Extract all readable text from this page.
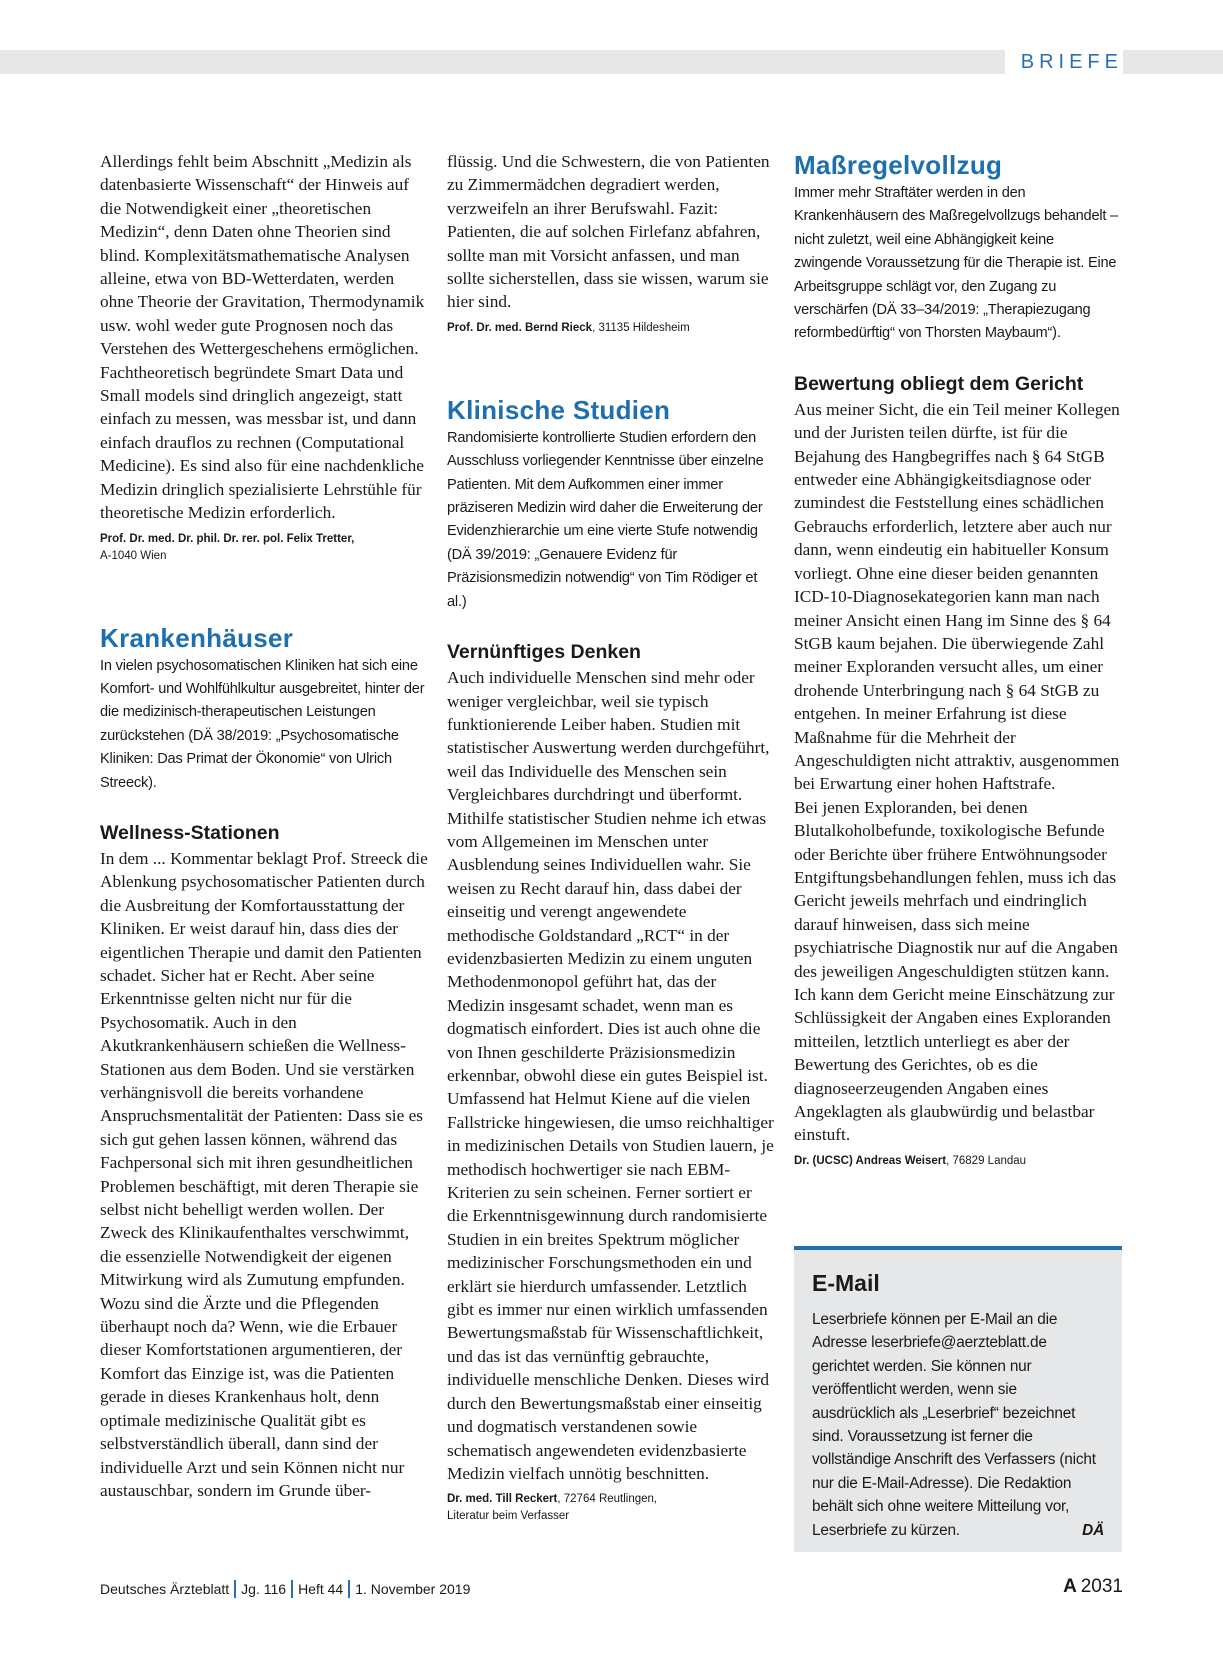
BRIEFE

Allerdings fehlt beim Abschnitt „Medizin als datenbasierte Wissenschaft“ der Hinweis auf die Notwendigkeit einer „theoretischen Medizin“, denn Daten ohne Theorien sind blind. Komplexitätsmathematische Analysen alleine, etwa von BD-Wetterdaten, werden ohne Theorie der Gravitation, Thermodynamik usw. wohl weder gute Prognosen noch das Verstehen des Wettergeschehens ermöglichen. Fachtheoretisch begründete Smart Data und Small models sind dringlich angezeigt, statt einfach zu messen, was messbar ist, und dann einfach drauflos zu rechnen (Computational Medicine). Es sind also für eine nachdenkliche Medizin dringlich spezialisierte Lehrstühle für theoretische Medizin erforderlich.

Prof. Dr. med. Dr. phil. Dr. rer. pol. Felix Tretter,
A-1040 Wien
Krankenhäuser

In vielen psychosomatischen Kliniken hat sich eine Komfort- und Wohlfühlkultur ausgebreitet, hinter der die medizinisch-therapeutischen Leistungen zurückstehen (DÄ 38/2019: „Psychosomatische Kliniken: Das Primat der Ökonomie“ von Ulrich Streeck).

Wellness-Stationen

In dem ... Kommentar beklagt Prof. Streeck die Ablenkung psychosomatischer Patienten durch die Ausbreitung der Komfortausstattung der Kliniken. Er weist darauf hin, dass dies der eigentlichen Therapie und damit den Patienten schadet. Sicher hat er Recht. Aber seine Erkenntnisse gelten nicht nur für die Psychosomatik. Auch in den Akutkrankenhäusern schießen die Wellness-Stationen aus dem Boden. Und sie verstärken verhängnisvoll die bereits vorhandene Anspruchsmentalität der Patienten: Dass sie es sich gut gehen lassen können, während das Fachpersonal sich mit ihren gesundheitlichen Problemen beschäftigt, mit deren Therapie sie selbst nicht behelligt werden wollen. Der Zweck des Klinikaufenthaltes verschwimmt, die essenzielle Notwendigkeit der eigenen Mitwirkung wird als Zumutung empfunden. Wozu sind die Ärzte und die Pflegenden überhaupt noch da? Wenn, wie die Erbauer dieser Komfortstationen argumentieren, der Komfort das Einzige ist, was die Patienten gerade in dieses Krankenhaus holt, denn optimale medizinische Qualität gibt es selbstverständlich überall, dann sind der individuelle Arzt und sein Können nicht nur austauschbar, sondern im Grunde über-

flüssig. Und die Schwestern, die von Patienten zu Zimmermädchen degradiert werden, verzweifeln an ihrer Berufswahl. Fazit: Patienten, die auf solchen Firlefanz abfahren, sollte man mit Vorsicht anfassen, und man sollte sicherstellen, dass sie wissen, warum sie hier sind.

Prof. Dr. med. Bernd Rieck, 31135 Hildesheim
Klinische Studien

Randomisierte kontrollierte Studien erfordern den Ausschluss vorliegender Kenntnisse über einzelne Patienten. Mit dem Aufkommen einer immer präziseren Medizin wird daher die Erweiterung der Evidenzhierarchie um eine vierte Stufe notwendig (DÄ 39/2019: „Genauere Evidenz für Präzisionsmedizin notwendig“ von Tim Rödiger et al.)

Vernünftiges Denken

Auch individuelle Menschen sind mehr oder weniger vergleichbar, weil sie typisch funktionierende Leiber haben. Studien mit statistischer Auswertung werden durchgeführt, weil das Individuelle des Menschen sein Vergleichbares durchdringt und überformt. Mithilfe statistischer Studien nehme ich etwas vom Allgemeinen im Menschen unter Ausblendung seines Individuellen wahr. Sie weisen zu Recht darauf hin, dass dabei der einseitig und verengt angewendete methodische Goldstandard „RCT“ in der evidenzbasierten Medizin zu einem unguten Methodenmonopol geführt hat, das der Medizin insgesamt schadet, wenn man es dogmatisch einfordert. Dies ist auch ohne die von Ihnen geschilderte Präzisionsmedizin erkennbar, obwohl diese ein gutes Beispiel ist. Umfassend hat Helmut Kiene auf die vielen Fallstricke hingewiesen, die umso reichhaltiger in medizinischen Details von Studien lauern, je methodisch hochwertiger sie nach EBM-Kriterien zu sein scheinen. Ferner sortiert er die Erkenntnisgewinnung durch randomisierte Studien in ein breites Spektrum möglicher medizinischer Forschungsmethoden ein und erklärt sie hierdurch umfassender. Letztlich gibt es immer nur einen wirklich umfassenden Bewertungsmaßstab für Wissenschaftlichkeit, und das ist das vernünftig gebrauchte, individuelle menschliche Denken. Dieses wird durch den Bewertungsmaßstab einer einseitig und dogmatisch verstandenen sowie schematisch angewendeten evidenzbasierte Medizin vielfach unnötig beschnitten.

Dr. med. Till Reckert, 72764 Reutlingen,
Literatur beim Verfasser
Maßregelvollzug

Immer mehr Straftäter werden in den Krankenhäusern des Maßregelvollzugs behandelt – nicht zuletzt, weil eine Abhängigkeit keine zwingende Voraussetzung für die Therapie ist. Eine Arbeitsgruppe schlägt vor, den Zugang zu verschärfen (DÄ 33–34/2019: „Therapiezugang reformbedürftig“ von Thorsten Maybaum“).

Bewertung obliegt dem Gericht

Aus meiner Sicht, die ein Teil meiner Kollegen und der Juristen teilen dürfte, ist für die Bejahung des Hangbegriffes nach § 64 StGB entweder eine Abhängigkeitsdiagnose oder zumindest die Feststellung eines schädlichen Gebrauchs erforderlich, letztere aber auch nur dann, wenn eindeutig ein habitueller Konsum vorliegt. Ohne eine dieser beiden genannten ICD-10-Diagnosekategorien kann man nach meiner Ansicht einen Hang im Sinne des § 64 StGB kaum bejahen. Die überwiegende Zahl meiner Exploranden versucht alles, um einer drohende Unterbringung nach § 64 StGB zu entgehen. In meiner Erfahrung ist diese Maßnahme für die Mehrheit der Angeschuldigten nicht attraktiv, ausgenommen bei Erwartung einer hohen Haftstrafe.

Bei jenen Exploranden, bei denen Blutalkoholbefunde, toxikologische Befunde oder Berichte über frühere Entwöhnungsoder Entgiftungsbehandlungen fehlen, muss ich das Gericht jeweils mehrfach und eindringlich darauf hinweisen, dass sich meine psychiatrische Diagnostik nur auf die Angaben des jeweiligen Angeschuldigten stützen kann. Ich kann dem Gericht meine Einschätzung zur Schlüssigkeit der Angaben eines Exploranden mitteilen, letztlich unterliegt es aber der Bewertung des Gerichtes, ob es die diagnoseerzeugenden Angaben eines Angeklagten als glaubwürdig und belastbar einstuft.

Dr. (UCSC) Andreas Weisert, 76829 Landau
E-Mail

Leserbriefe können per E-Mail an die Adresse leserbriefe@aerzteblatt.de gerichtet werden. Sie können nur veröffentlicht werden, wenn sie ausdrücklich als „Leserbrief“ bezeichnet sind. Voraussetzung ist ferner die vollständige Anschrift des Verfassers (nicht nur die E-Mail-Adresse). Die Redaktion behält sich ohne weitere Mitteilung vor, Leserbriefe zu kürzen.	DÄ

Deutsches Ärzteblatt Jg. 116 Heft 44 1. November 2019	A  2031
